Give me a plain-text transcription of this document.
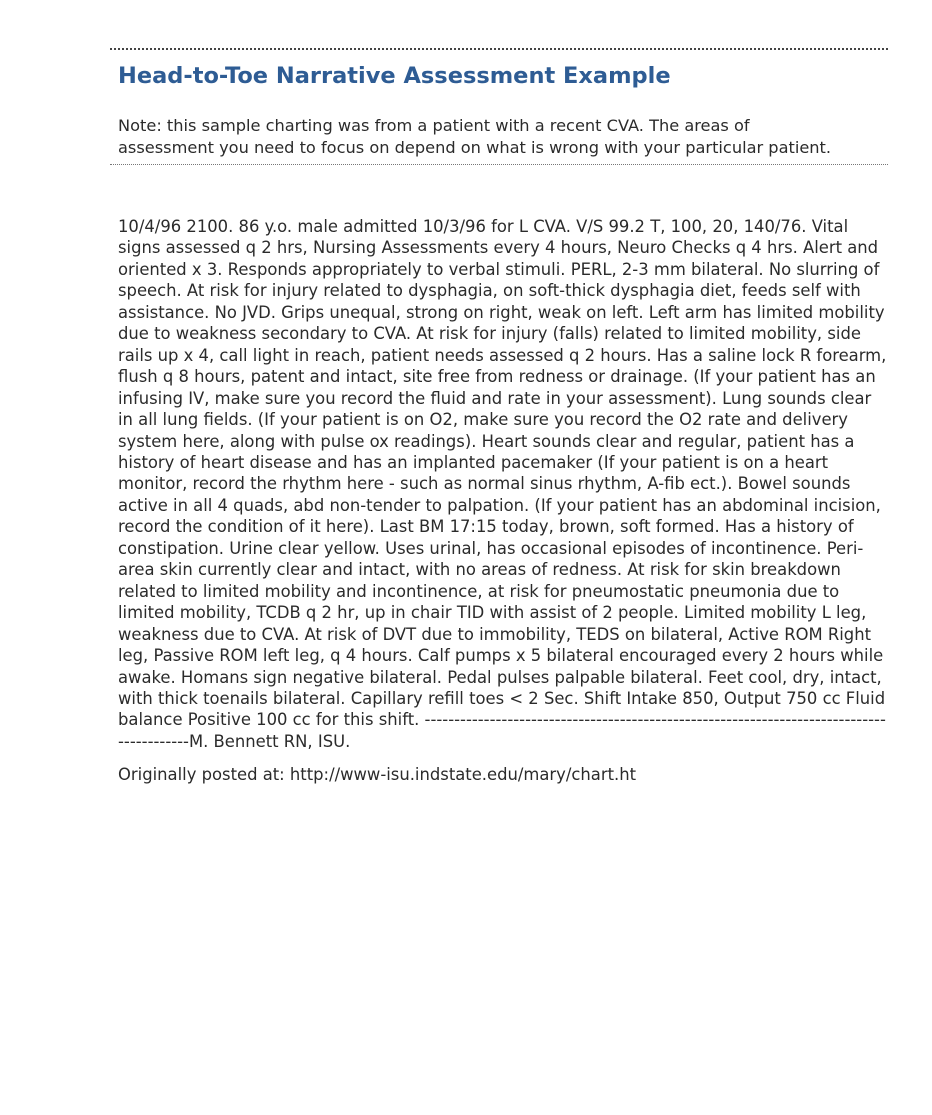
Head-to-Toe Narrative Assessment Example

Note: this sample charting was from a patient with a recent CVA. The areas of assessment you need to focus on depend on what is wrong with your particular patient.

10/4/96 2100. 86 y.o. male admitted 10/3/96 for L CVA. V/S 99.2 T, 100, 20, 140/76. Vital signs assessed q 2 hrs, Nursing Assessments every 4 hours, Neuro Checks q 4 hrs. Alert and oriented x 3. Responds appropriately to verbal stimuli. PERL, 2-3 mm bilateral. No slurring of speech. At risk for injury related to dysphagia, on soft-thick dysphagia diet, feeds self with assistance. No JVD. Grips unequal, strong on right, weak on left. Left arm has limited mobility due to weakness secondary to CVA. At risk for injury (falls) related to limited mobility, side rails up x 4, call light in reach, patient needs assessed q 2 hours. Has a saline lock R forearm, flush q 8 hours, patent and intact, site free from redness or drainage. (If your patient has an infusing IV, make sure you record the fluid and rate in your assessment). Lung sounds clear in all lung fields. (If your patient is on O2, make sure you record the O2 rate and delivery system here, along with pulse ox readings). Heart sounds clear and regular, patient has a history of heart disease and has an implanted pacemaker (If your patient is on a heart monitor, record the rhythm here - such as normal sinus rhythm, A-fib ect.). Bowel sounds active in all 4 quads, abd non-tender to palpation. (If your patient has an abdominal incision, record the condition of it here). Last BM 17:15 today, brown, soft formed. Has a history of constipation. Urine clear yellow. Uses urinal, has occasional episodes of incontinence. Peri-area skin currently clear and intact, with no areas of redness. At risk for skin breakdown related to limited mobility and incontinence, at risk for pneumostatic pneumonia due to limited mobility, TCDB q 2 hr, up in chair TID with assist of 2 people. Limited mobility L leg, weakness due to CVA. At risk of DVT due to immobility, TEDS on bilateral, Active ROM Right leg, Passive ROM left leg, q 4 hours. Calf pumps x 5 bilateral encouraged every 2 hours while awake. Homans sign negative bilateral. Pedal pulses palpable bilateral. Feet cool, dry, intact, with thick toenails bilateral. Capillary refill toes < 2 Sec. Shift Intake 850, Output 750 cc Fluid balance Positive 100 cc for this shift. ------------------------------------------------------------------------------------------M. Bennett RN, ISU.

Originally posted at: http://www-isu.indstate.edu/mary/chart.ht
